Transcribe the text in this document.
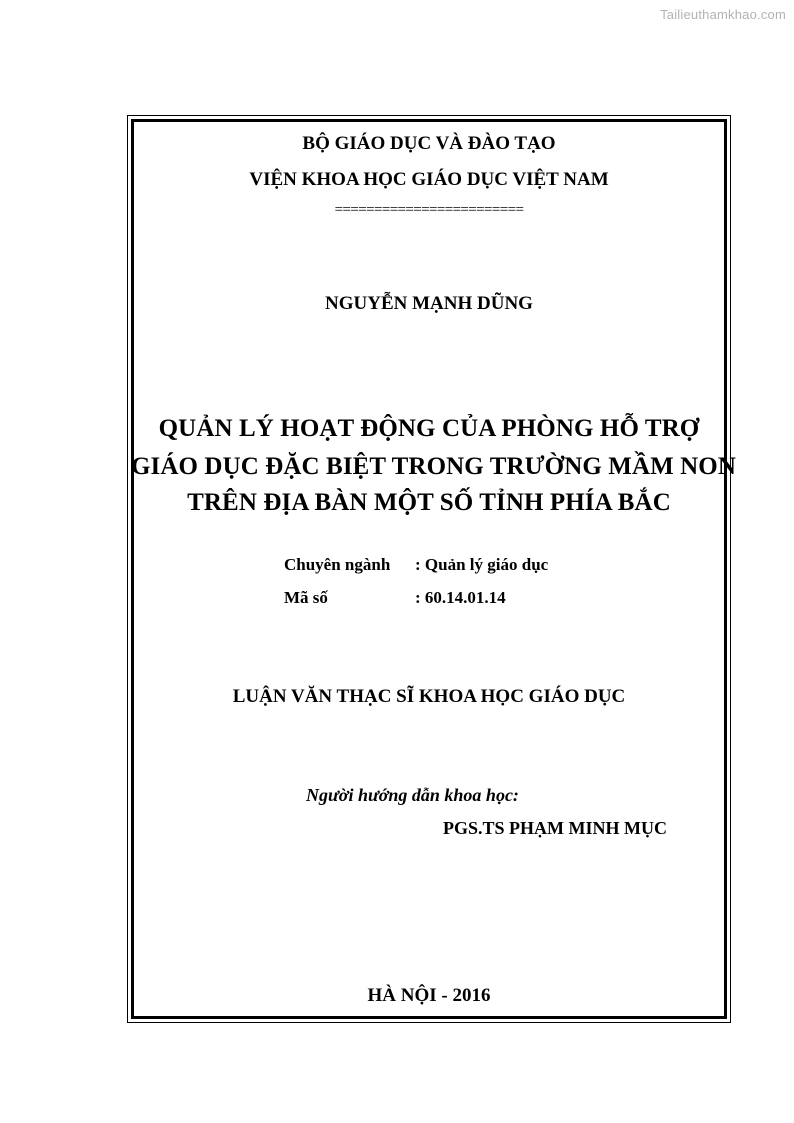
Tailieuthamkhao.com
BỘ GIÁO DỤC VÀ ĐÀO TẠO
VIỆN KHOA HỌC GIÁO DỤC VIỆT NAM
========================
NGUYỄN MẠNH DŨNG
QUẢN LÝ HOẠT ĐỘNG CỦA PHÒNG HỖ TRỢ
GIÁO DỤC ĐẶC BIỆT TRONG TRƯỜNG MẦM NON
TRÊN ĐỊA BÀN MỘT SỐ TỈNH PHÍA BẮC
Chuyên ngành : Quản lý giáo dục
Mã số	: 60.14.01.14
LUẬN VĂN THẠC SĨ KHOA HỌC GIÁO DỤC
Người hướng dẫn khoa học:
PGS.TS PHẠM MINH MỤC
HÀ NỘI - 2016
